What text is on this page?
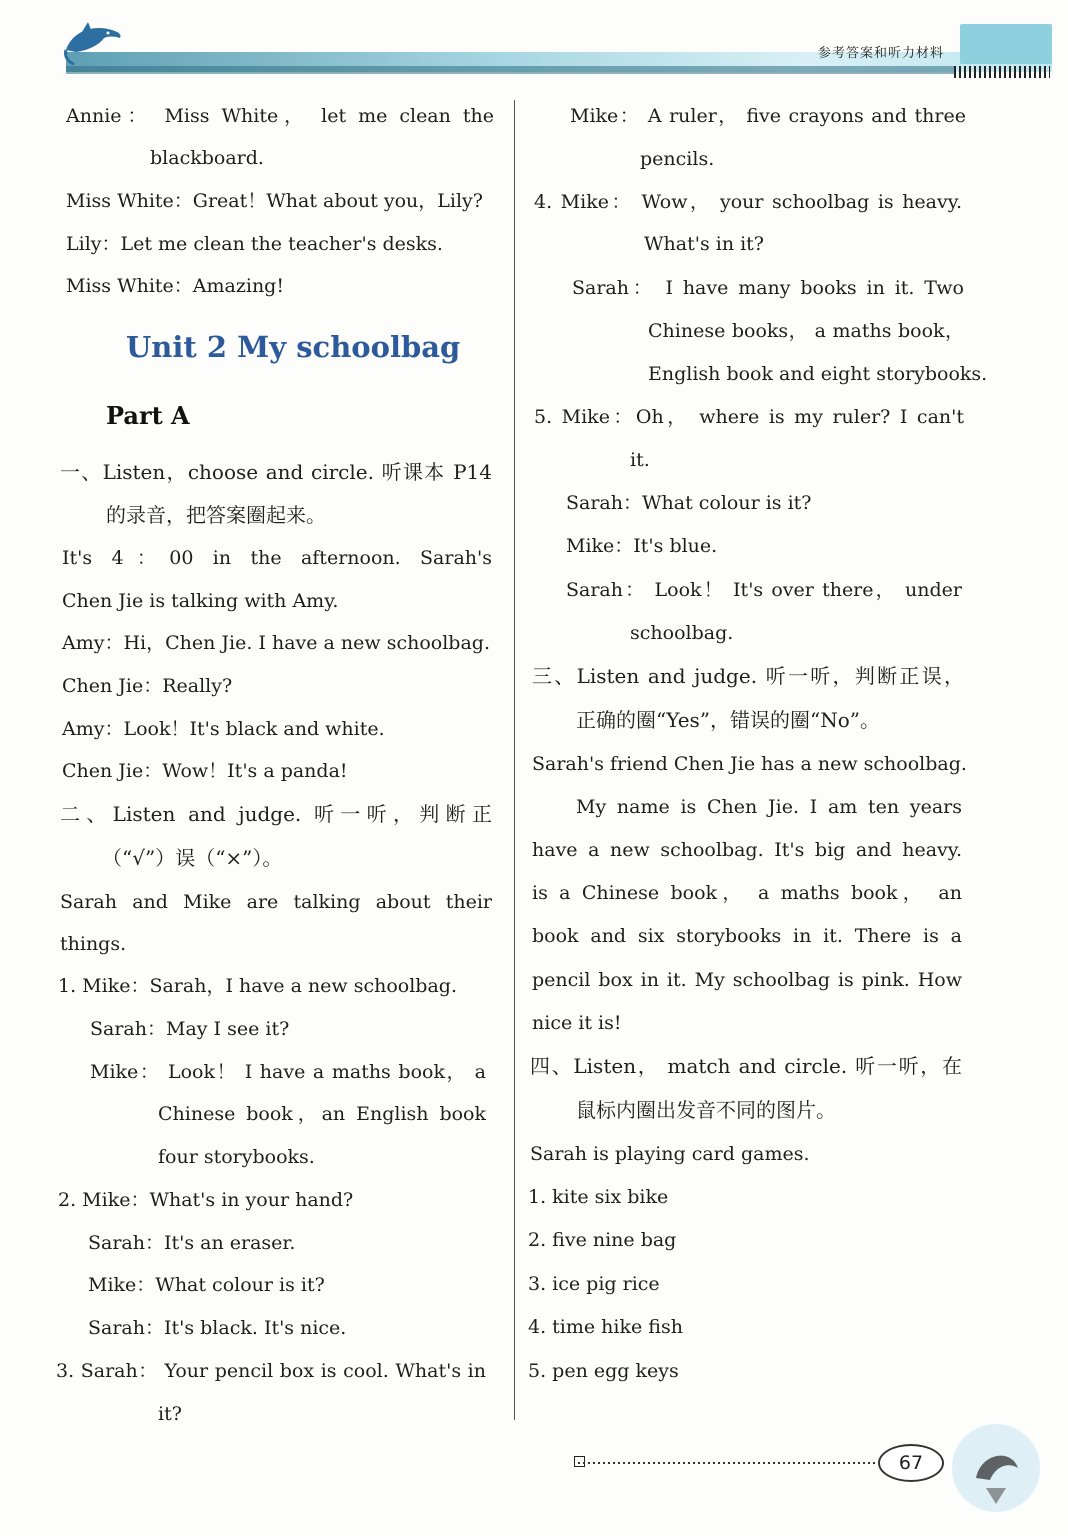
参考答案和听力材料
Annie： Miss White， let me clean the
blackboard.
Miss White：Great！What about you，Lily?
Lily：Let me clean the teacher's desks.
Miss White：Amazing!
一、Listen，choose and circle. 听课本 P14
的录音，把答案圈起来。
It's 4：00 in the afternoon. Sarah's
Chen Jie is talking with Amy.
Amy：Hi，Chen Jie. I have a new schoolbag.
Chen Jie：Really?
Amy：Look！It's black and white.
Chen Jie：Wow！It's a panda!
二、Listen and judge. 听一听，判断正
（“√”）误（“×”）。
Sarah and Mike are talking about their
things.
1. Mike：Sarah，I have a new schoolbag.
Sarah：May I see it?
Mike： Look！ I have a maths book， a
Chinese book，an English book
four storybooks.
2. Mike：What's in your hand?
Sarah：It's an eraser.
Mike：What colour is it?
Sarah：It's black. It's nice.
3. Sarah： Your pencil box is cool. What's in
it?
Mike： A ruler， five crayons and three
pencils.
4. Mike： Wow， your schoolbag is heavy.
What's in it?
Sarah： I have many books in it. Two
Chinese books， a maths book，
English book and eight storybooks.
5. Mike：Oh， where is my ruler? I can't
it.
Sarah：What colour is it?
Mike：It's blue.
Sarah： Look！ It's over there， under
schoolbag.
三、Listen and judge. 听一听，判断正误，
正确的圈“Yes”，错误的圈“No”。
Sarah's friend Chen Jie has a new schoolbag.
My name is Chen Jie. I am ten years
have a new schoolbag. It's big and heavy.
is a Chinese book， a maths book， an
book and six storybooks in it. There is a
pencil box in it. My schoolbag is pink. How
nice it is!
四、Listen， match and circle. 听一听，在
鼠标内圈出发音不同的图片。
Sarah is playing card games.
1. kite six bike
2. five nine bag
3. ice pig rice
4. time hike fish
5. pen egg keys
Unit 2 My schoolbag
Part A
67
